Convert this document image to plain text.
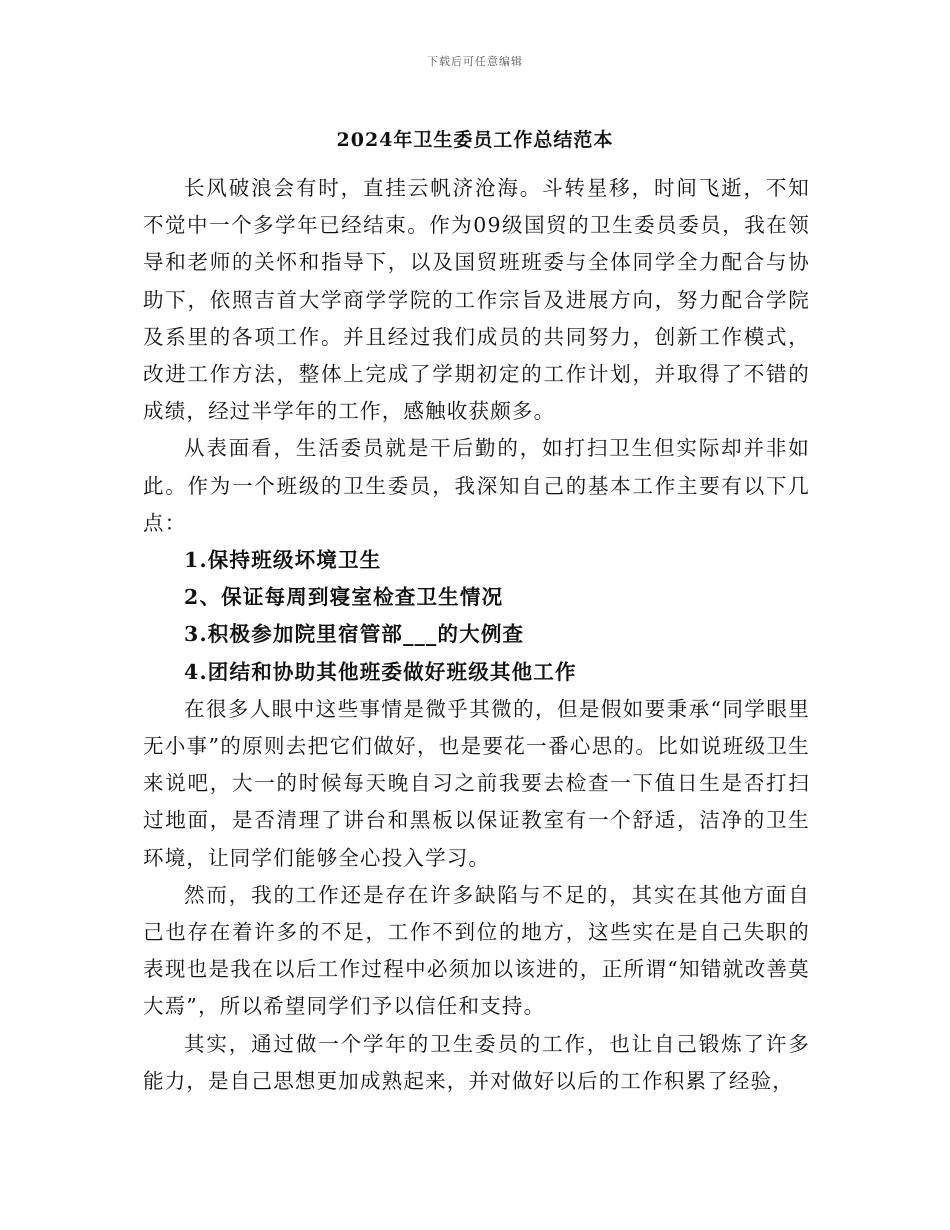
下载后可任意编辑
2024年卫生委员工作总结范本

长风破浪会有时，直挂云帆济沧海。斗转星移，时间飞逝，不知不觉中一个多学年已经结束。作为09级国贸的卫生委员委员，我在领导和老师的关怀和指导下，以及国贸班班委与全体同学全力配合与协助下，依照吉首大学商学学院的工作宗旨及进展方向，努力配合学院及系里的各项工作。并且经过我们成员的共同努力，创新工作模式，改进工作方法，整体上完成了学期初定的工作计划，并取得了不错的成绩，经过半学年的工作，感触收获颇多。

从表面看，生活委员就是干后勤的，如打扫卫生但实际却并非如此。作为一个班级的卫生委员，我深知自己的基本工作主要有以下几点：

1.保持班级坏境卫生

2、保证每周到寝室检查卫生情况

3.积极参加院里宿管部___的大例查

4.团结和协助其他班委做好班级其他工作

在很多人眼中这些事情是微乎其微的，但是假如要秉承“同学眼里无小事”的原则去把它们做好，也是要花一番心思的。比如说班级卫生来说吧，大一的时候每天晚自习之前我要去检查一下值日生是否打扫过地面，是否清理了讲台和黑板以保证教室有一个舒适，洁净的卫生环境，让同学们能够全心投入学习。

然而，我的工作还是存在许多缺陷与不足的，其实在其他方面自己也存在着许多的不足，工作不到位的地方，这些实在是自己失职的表现也是我在以后工作过程中必须加以该进的，正所谓“知错就改善莫大焉”，所以希望同学们予以信任和支持。

其实，通过做一个学年的卫生委员的工作，也让自己锻炼了许多能力，是自己思想更加成熟起来，并对做好以后的工作积累了经验，
